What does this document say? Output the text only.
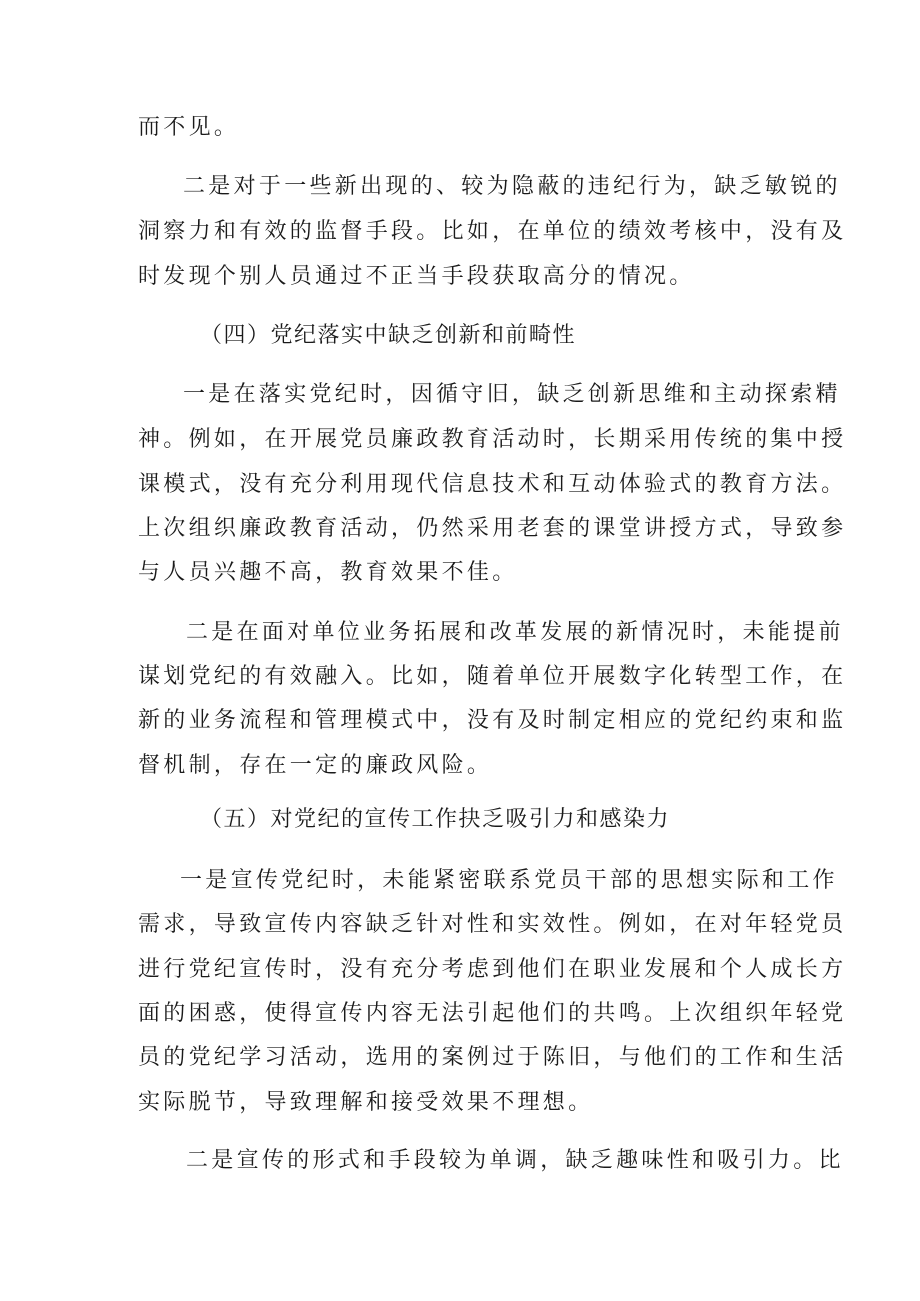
而不见。
二是对于一些新出现的、较为隐蔽的违纪行为，缺乏敏锐的
洞察力和有效的监督手段。比如，在单位的绩效考核中，没有及
时发现个别人员通过不正当手段获取高分的情况。
（四）党纪落实中缺乏创新和前畸性
一是在落实党纪时，因循守旧，缺乏创新思维和主动探索精
神。例如，在开展党员廉政教育活动时，长期采用传统的集中授
课模式，没有充分利用现代信息技术和互动体验式的教育方法。
上次组织廉政教育活动，仍然采用老套的课堂讲授方式，导致参
与人员兴趣不高，教育效果不佳。
二是在面对单位业务拓展和改革发展的新情况时，未能提前
谋划党纪的有效融入。比如，随着单位开展数字化转型工作，在
新的业务流程和管理模式中，没有及时制定相应的党纪约束和监
督机制，存在一定的廉政风险。
（五）对党纪的宣传工作抉乏吸引力和感染力
一是宣传党纪时，未能紧密联系党员干部的思想实际和工作
需求，导致宣传内容缺乏针对性和实效性。例如，在对年轻党员
进行党纪宣传时，没有充分考虑到他们在职业发展和个人成长方
面的困惑，使得宣传内容无法引起他们的共鸣。上次组织年轻党
员的党纪学习活动，选用的案例过于陈旧，与他们的工作和生活
实际脱节，导致理解和接受效果不理想。
二是宣传的形式和手段较为单调，缺乏趣味性和吸引力。比
